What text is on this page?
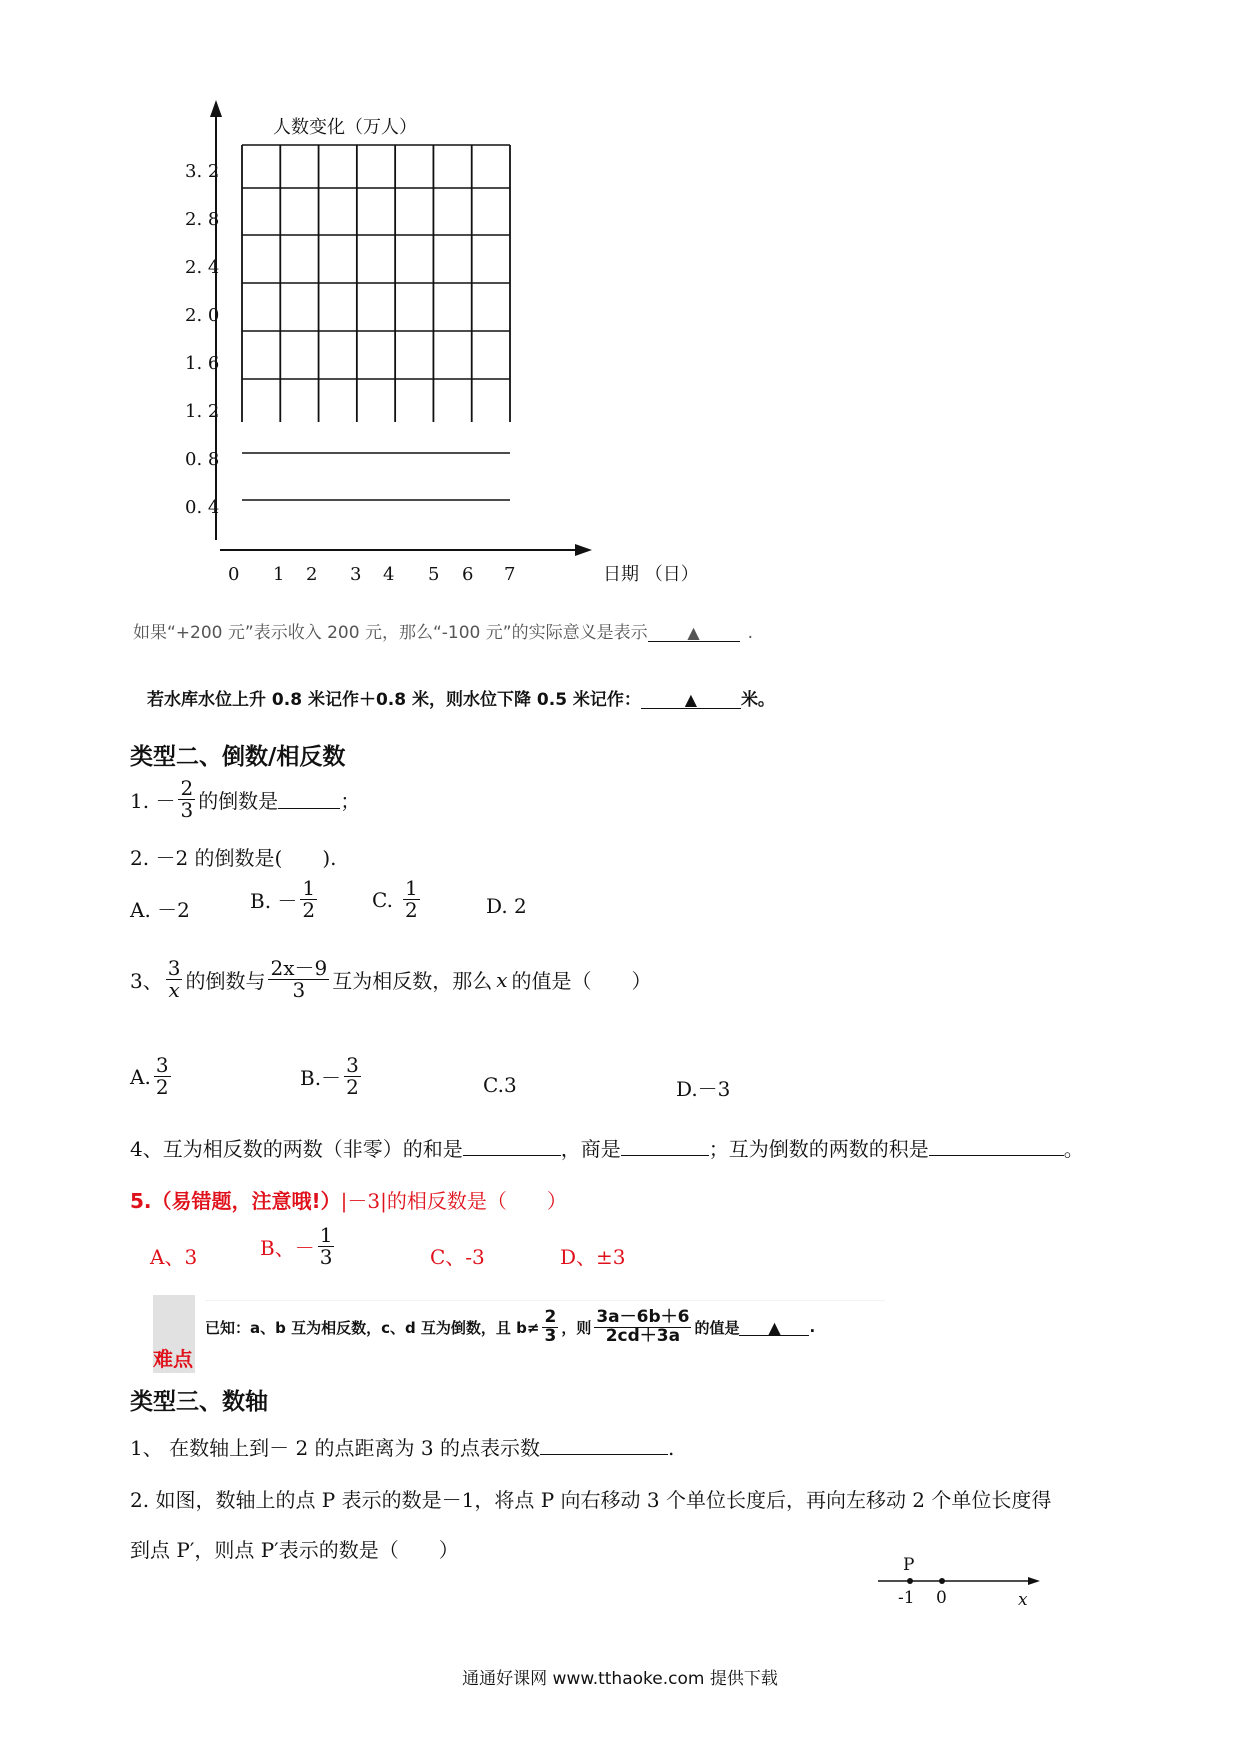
0. 4
0. 8
1. 2
1. 6
2. 0
2. 4
2. 8
3. 2
0 1 2 3 4 5 6 7
人数变化（万人）
日期 （日）
如果“+200 元”表示收入 200 元，那么“-100 元”的实际意义是表示 ▲	.
若水库水位上升 0.8 米记作＋0.8 米，则水位下降 0.5 米记作：	▲	米。
类型二、倒数/相反数
1. － $\frac{2}{3}$ 的倒数是	；
2. －2 的倒数是(　　).
A. －2	B. － $\frac{1}{2}$	C. $\frac{1}{2}$	D. 2
3、 $\frac{3}{x}$ 的倒数与 $\frac{2x-9}{3}$ 互为相反数，那么 x 的值是（　　）
A. $\frac{3}{2}$	$B.- \frac{3}{2}$	C.3	D.－3
4、互为相反数的两数（非零）的和是	，商是	；互为倒数的两数的积是	。
5.（易错题，注意哦!）|－3|的相反数是（　　）
A、3	B、－ $\frac{1}{3}$	C、-3	D、±3
难点
已知：a、b 互为相反数，c、d 互为倒数，且 $b\ne \frac{2}{3}$ ，则 $\frac{3a-6b+6}{2cd+3a}$ 的值是	▲	.
类型三、数轴
1、 在数轴上到－ 2 的点距离为 3 的点表示数	.
2. 如图，数轴上的点 P 表示的数是－1，将点 P 向右移动 3 个单位长度后，再向左移动 2 个单位长度得
到点 P′，则点 P′表示的数是（　　）
P
-1 0	x
通通好课网 www.tthaoke.com 提供下载
